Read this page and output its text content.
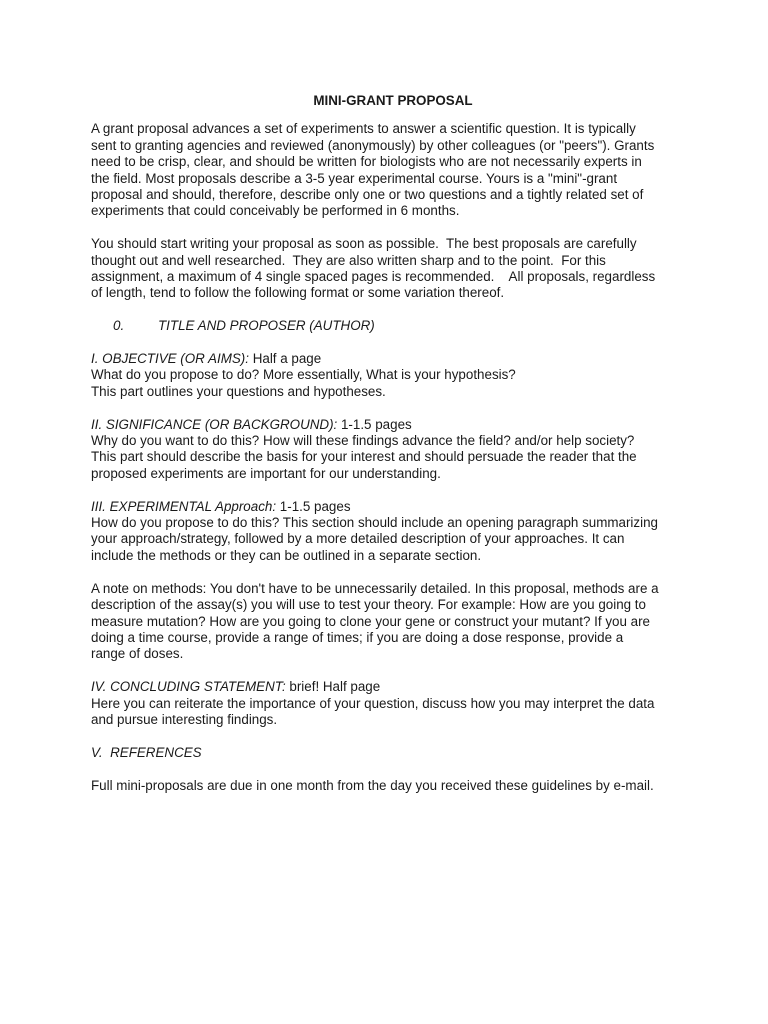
MINI-GRANT PROPOSAL

A grant proposal advances a set of experiments to answer a scientific question. It is typically
sent to granting agencies and reviewed (anonymously) by other colleagues (or "peers"). Grants
need to be crisp, clear, and should be written for biologists who are not necessarily experts in
the field. Most proposals describe a 3-5 year experimental course. Yours is a "mini"-grant
proposal and should, therefore, describe only one or two questions and a tightly related set of
experiments that could conceivably be performed in 6 months.

You should start writing your proposal as soon as possible.  The best proposals are carefully
thought out and well researched.  They are also written sharp and to the point.  For this
assignment, a maximum of 4 single spaced pages is recommended.    All proposals, regardless
of length, tend to follow the following format or some variation thereof.

0.	TITLE AND PROPOSER (AUTHOR)
I. OBJECTIVE (OR AIMS): Half a page
What do you propose to do? More essentially, What is your hypothesis?
This part outlines your questions and hypotheses.
II. SIGNIFICANCE (OR BACKGROUND): 1-1.5 pages
Why do you want to do this? How will these findings advance the field? and/or help society?
This part should describe the basis for your interest and should persuade the reader that the
proposed experiments are important for our understanding.
III. EXPERIMENTAL Approach: 1-1.5 pages
How do you propose to do this? This section should include an opening paragraph summarizing
your approach/strategy, followed by a more detailed description of your approaches. It can
include the methods or they can be outlined in a separate section.

A note on methods: You don't have to be unnecessarily detailed. In this proposal, methods are a
description of the assay(s) you will use to test your theory. For example: How are you going to
measure mutation? How are you going to clone your gene or construct your mutant? If you are
doing a time course, provide a range of times; if you are doing a dose response, provide a
range of doses.

IV. CONCLUDING STATEMENT: brief! Half page
Here you can reiterate the importance of your question, discuss how you may interpret the data
and pursue interesting findings.
V.  REFERENCES

Full mini-proposals are due in one month from the day you received these guidelines by e-mail.
